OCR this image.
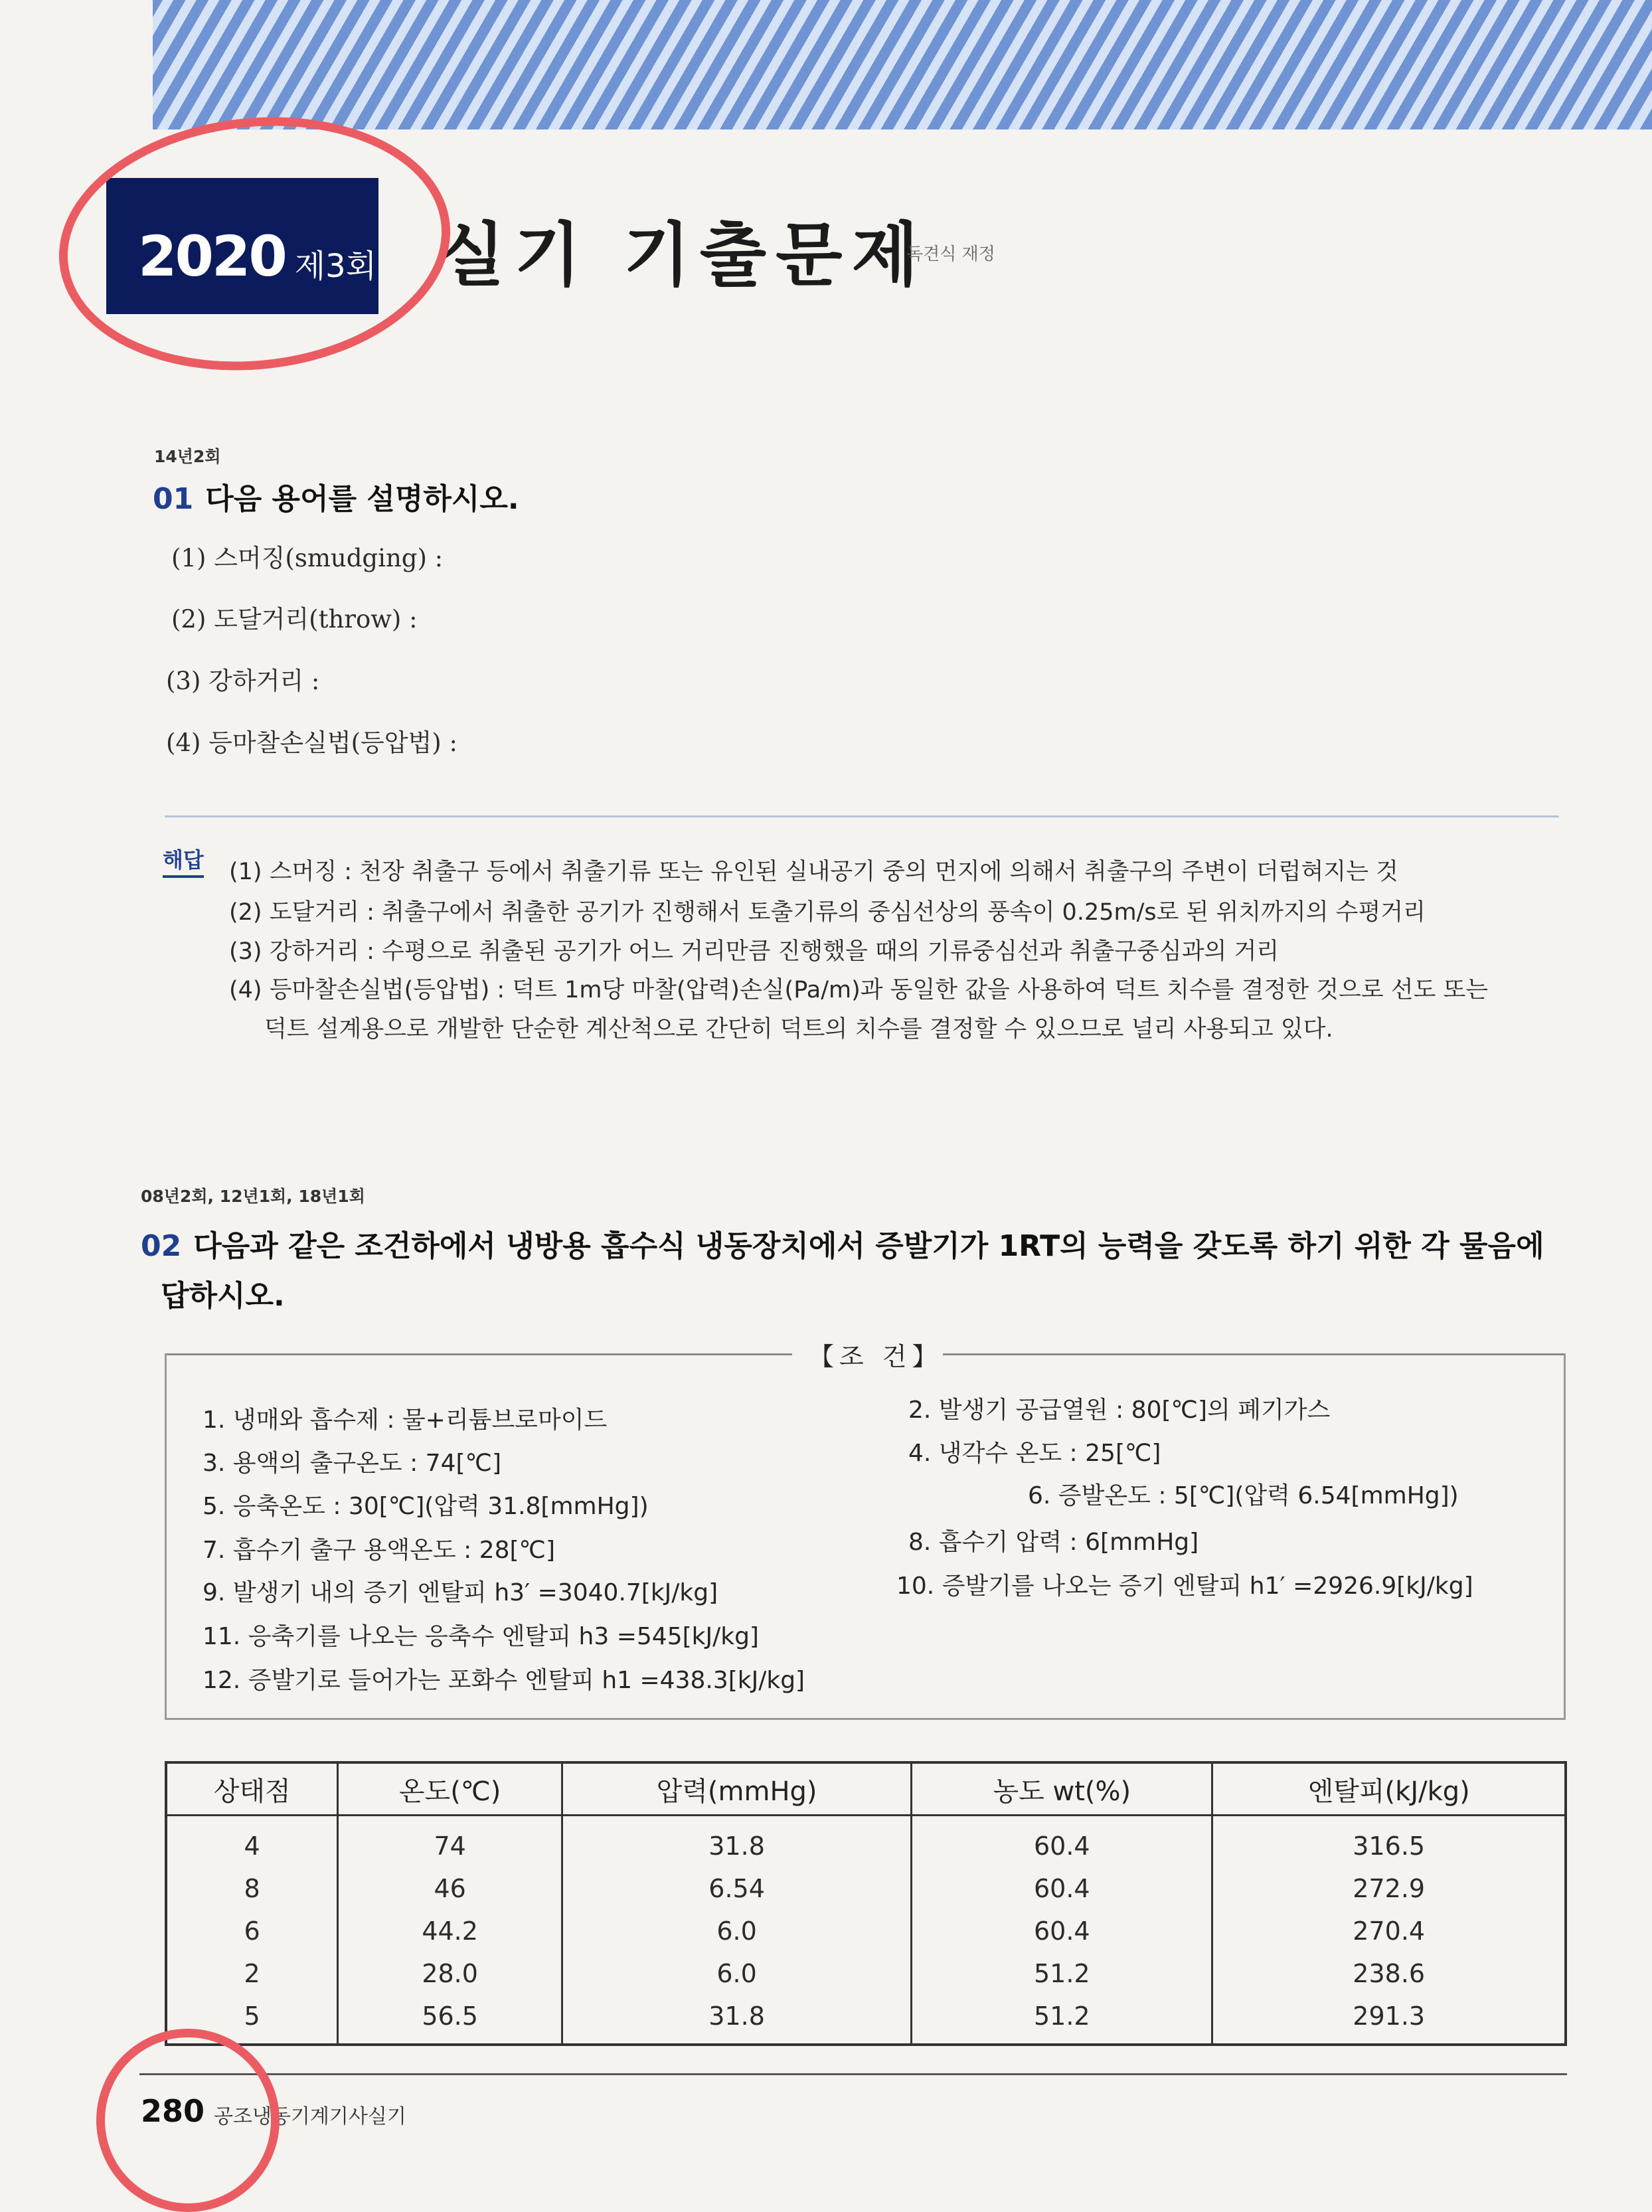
2020 제3회 실기 기출문제
독견식 재정
14년2회
01 다음 용어를 설명하시오.
(1) 스머징(smudging) :
(2) 도달거리(throw) :
(3) 강하거리 :
(4) 등마찰손실법(등압법) :
해답 (1) 스머징 : 천장 취출구 등에서 취출기류 또는 유인된 실내공기 중의 먼지에 의해서 취출구의 주변이 더럽혀지는 것
(2) 도달거리 : 취출구에서 취출한 공기가 진행해서 토출기류의 중심선상의 풍속이 0.25m/s로 된 위치까지의 수평거리
(3) 강하거리 : 수평으로 취출된 공기가 어느 거리만큼 진행했을 때의 기류중심선과 취출구중심과의 거리
(4) 등마찰손실법(등압법) : 덕트 1m당 마찰(압력)손실(Pa/m)과 동일한 값을 사용하여 덕트 치수를 결정한 것으로 선도 또는
덕트 설계용으로 개발한 단순한 계산척으로 간단히 덕트의 치수를 결정할 수 있으므로 널리 사용되고 있다.
08년2회, 12년1회, 18년1회
02 다음과 같은 조건하에서 냉방용 흡수식 냉동장치에서 증발기가 1RT의 능력을 갖도록 하기 위한 각 물음에
답하시오.
【조 건】
1. 냉매와 흡수제 : 물+리튬브로마이드	2. 발생기 공급열원 : 80[℃]의 폐기가스
3. 용액의 출구온도 : 74[℃]	4. 냉각수 온도 : 25[℃]
5. 응축온도 : 30[℃](압력 31.8[mmHg])	6. 증발온도 : 5[℃](압력 6.54[mmHg])
7. 흡수기 출구 용액온도 : 28[℃]	8. 흡수기 압력 : 6[mmHg]
9. 발생기 내의 증기 엔탈피 h3′ =3040.7[kJ/kg]	10. 증발기를 나오는 증기 엔탈피 h1′ =2926.9[kJ/kg]
11. 응축기를 나오는 응축수 엔탈피 h3 =545[kJ/kg]
12. 증발기로 들어가는 포화수 엔탈피 h1 =438.3[kJ/kg]
상태점	온도(℃)	압력(mmHg)	농도 wt(%)	엔탈피(kJ/kg)
4	74	31.8	60.4	316.5
8	46	6.54	60.4	272.9
6	44.2	6.0	60.4	270.4
2	28.0	6.0	51.2	238.6
5	56.5	31.8	51.2	291.3
280 공조냉동기계기사실기
